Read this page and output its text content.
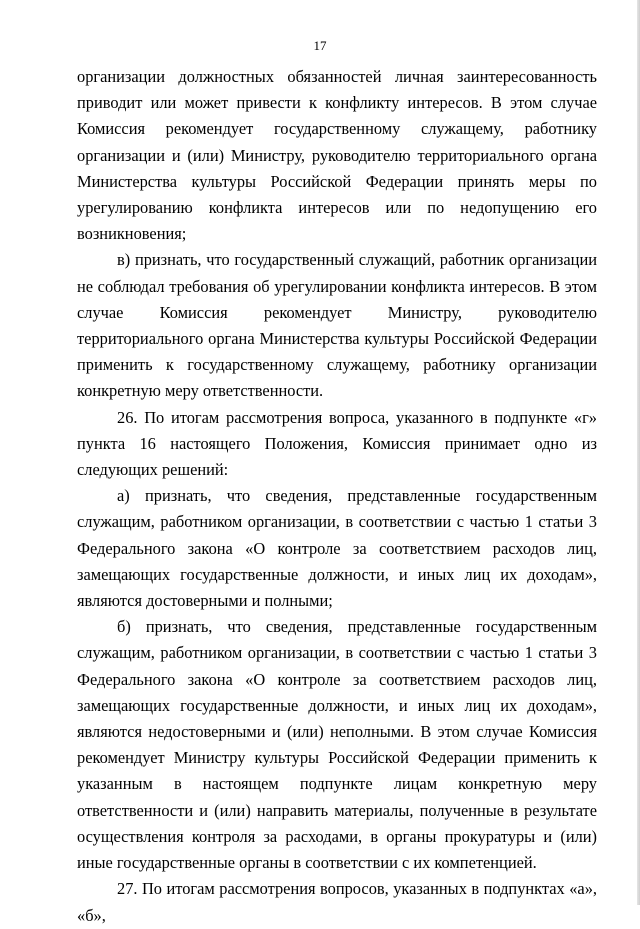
17

организации должностных обязанностей личная заинтересованность приводит или может привести к конфликту интересов. В этом случае Комиссия рекомендует государственному служащему, работнику организации и (или) Министру, руководителю территориального органа Министерства культуры Российской Федерации принять меры по урегулированию конфликта интересов или по недопущению его возникновения;

в) признать, что государственный служащий, работник организации не соблюдал требования об урегулировании конфликта интересов. В этом случае Комиссия рекомендует Министру, руководителю территориального органа Министерства культуры Российской Федерации применить к государственному служащему, работнику организации конкретную меру ответственности.

26. По итогам рассмотрения вопроса, указанного в подпункте «г» пункта 16 настоящего Положения, Комиссия принимает одно из следующих решений:

а) признать, что сведения, представленные государственным служащим, работником организации, в соответствии с частью 1 статьи 3 Федерального закона «О контроле за соответствием расходов лиц, замещающих государственные должности, и иных лиц их доходам», являются достоверными и полными;

б) признать, что сведения, представленные государственным служащим, работником организации, в соответствии с частью 1 статьи 3 Федерального закона «О контроле за соответствием расходов лиц, замещающих государственные должности, и иных лиц их доходам», являются недостоверными и (или) неполными. В этом случае Комиссия рекомендует Министру культуры Российской Федерации применить к указанным в настоящем подпункте лицам конкретную меру ответственности и (или) направить материалы, полученные в результате осуществления контроля за расходами, в органы прокуратуры и (или) иные государственные органы в соответствии с их компетенцией.

27. По итогам рассмотрения вопросов, указанных в подпунктах «а», «б»,
